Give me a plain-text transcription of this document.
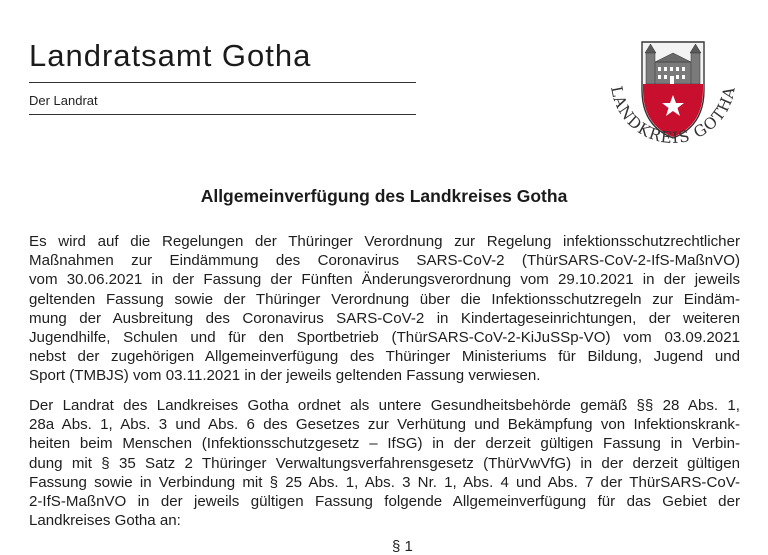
Landratsamt Gotha
Der Landrat
LANDKREIS GOTHA
Allgemeinverfügung des Landkreises Gotha

Es wird auf die Regelungen der Thüringer Verordnung zur Regelung infektionsschutzrechtlicher
Maßnahmen zur Eindämmung des Coronavirus SARS-CoV-2 (ThürSARS-CoV-2-IfS-MaßnVO)
vom 30.06.2021 in der Fassung der Fünften Änderungsverordnung vom 29.10.2021 in der jeweils
geltenden Fassung sowie der Thüringer Verordnung über die Infektionsschutzregeln zur Eindäm-
mung der Ausbreitung des Coronavirus SARS-CoV-2 in Kindertageseinrichtungen, der weiteren
Jugendhilfe, Schulen und für den Sportbetrieb (ThürSARS-CoV-2-KiJuSSp-VO) vom 03.09.2021
nebst der zugehörigen Allgemeinverfügung des Thüringer Ministeriums für Bildung, Jugend und
Sport (TMBJS) vom 03.11.2021 in der jeweils geltenden Fassung verwiesen.

Der Landrat des Landkreises Gotha ordnet als untere Gesundheitsbehörde gemäß §§ 28 Abs. 1,
28a Abs. 1, Abs. 3 und Abs. 6 des Gesetzes zur Verhütung und Bekämpfung von Infektionskrank-
heiten beim Menschen (Infektionsschutzgesetz – IfSG) in der derzeit gültigen Fassung in Verbin-
dung mit § 35 Satz 2 Thüringer Verwaltungsverfahrensgesetz (ThürVwVfG) in der derzeit gültigen
Fassung sowie in Verbindung mit § 25 Abs. 1, Abs. 3 Nr. 1, Abs. 4 und Abs. 7 der ThürSARS-CoV-
2-IfS-MaßnVO in der jeweils gültigen Fassung folgende Allgemeinverfügung für das Gebiet der
Landkreises Gotha an:

§ 1
